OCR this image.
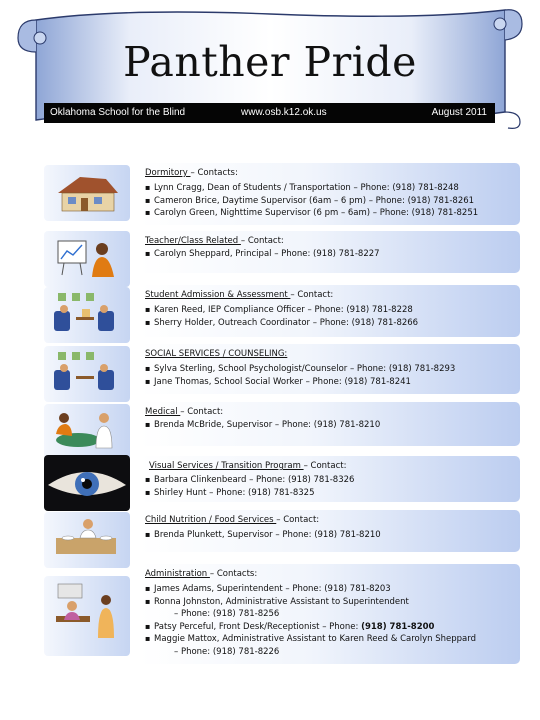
Panther Pride
Oklahoma School for the Blind	www.osb.k12.ok.us	August 2011
Dormitory – Contacts:
▪ Lynn Cragg, Dean of Students / Transportation – Phone: (918) 781-8248
▪ Cameron Brice, Daytime Supervisor (6am – 6 pm) – Phone: (918) 781-8261
▪ Carolyn Green, Nighttime Supervisor (6 pm – 6am) – Phone: (918) 781-8251
Teacher/Class Related – Contact:
▪ Carolyn Sheppard, Principal – Phone: (918) 781-8227
Student Admission & Assessment – Contact:
▪ Karen Reed, IEP Compliance Officer – Phone: (918) 781-8228
▪ Sherry Holder, Outreach Coordinator – Phone: (918) 781-8266
SOCIAL SERVICES / COUNSELING:
▪ Sylva Sterling, School Psychologist/Counselor – Phone: (918) 781-8293
▪ Jane Thomas, School Social Worker – Phone: (918) 781-8241
Medical – Contact:
▪ Brenda McBride, Supervisor – Phone: (918) 781-8210
Visual Services / Transition Program – Contact:
▪ Barbara Clinkenbeard – Phone: (918) 781-8326
▪ Shirley Hunt – Phone: (918) 781-8325
Child Nutrition / Food Services – Contact:
▪ Brenda Plunkett, Supervisor – Phone: (918) 781-8210
Administration – Contacts:
▪ James Adams, Superintendent – Phone: (918) 781-8203
▪ Ronna Johnston, Administrative Assistant to Superintendent
– Phone: (918) 781-8256
▪ Patsy Perceful, Front Desk/Receptionist – Phone: (918) 781-8200
▪ Maggie Mattox, Administrative Assistant to Karen Reed & Carolyn Sheppard
– Phone: (918) 781-8226
